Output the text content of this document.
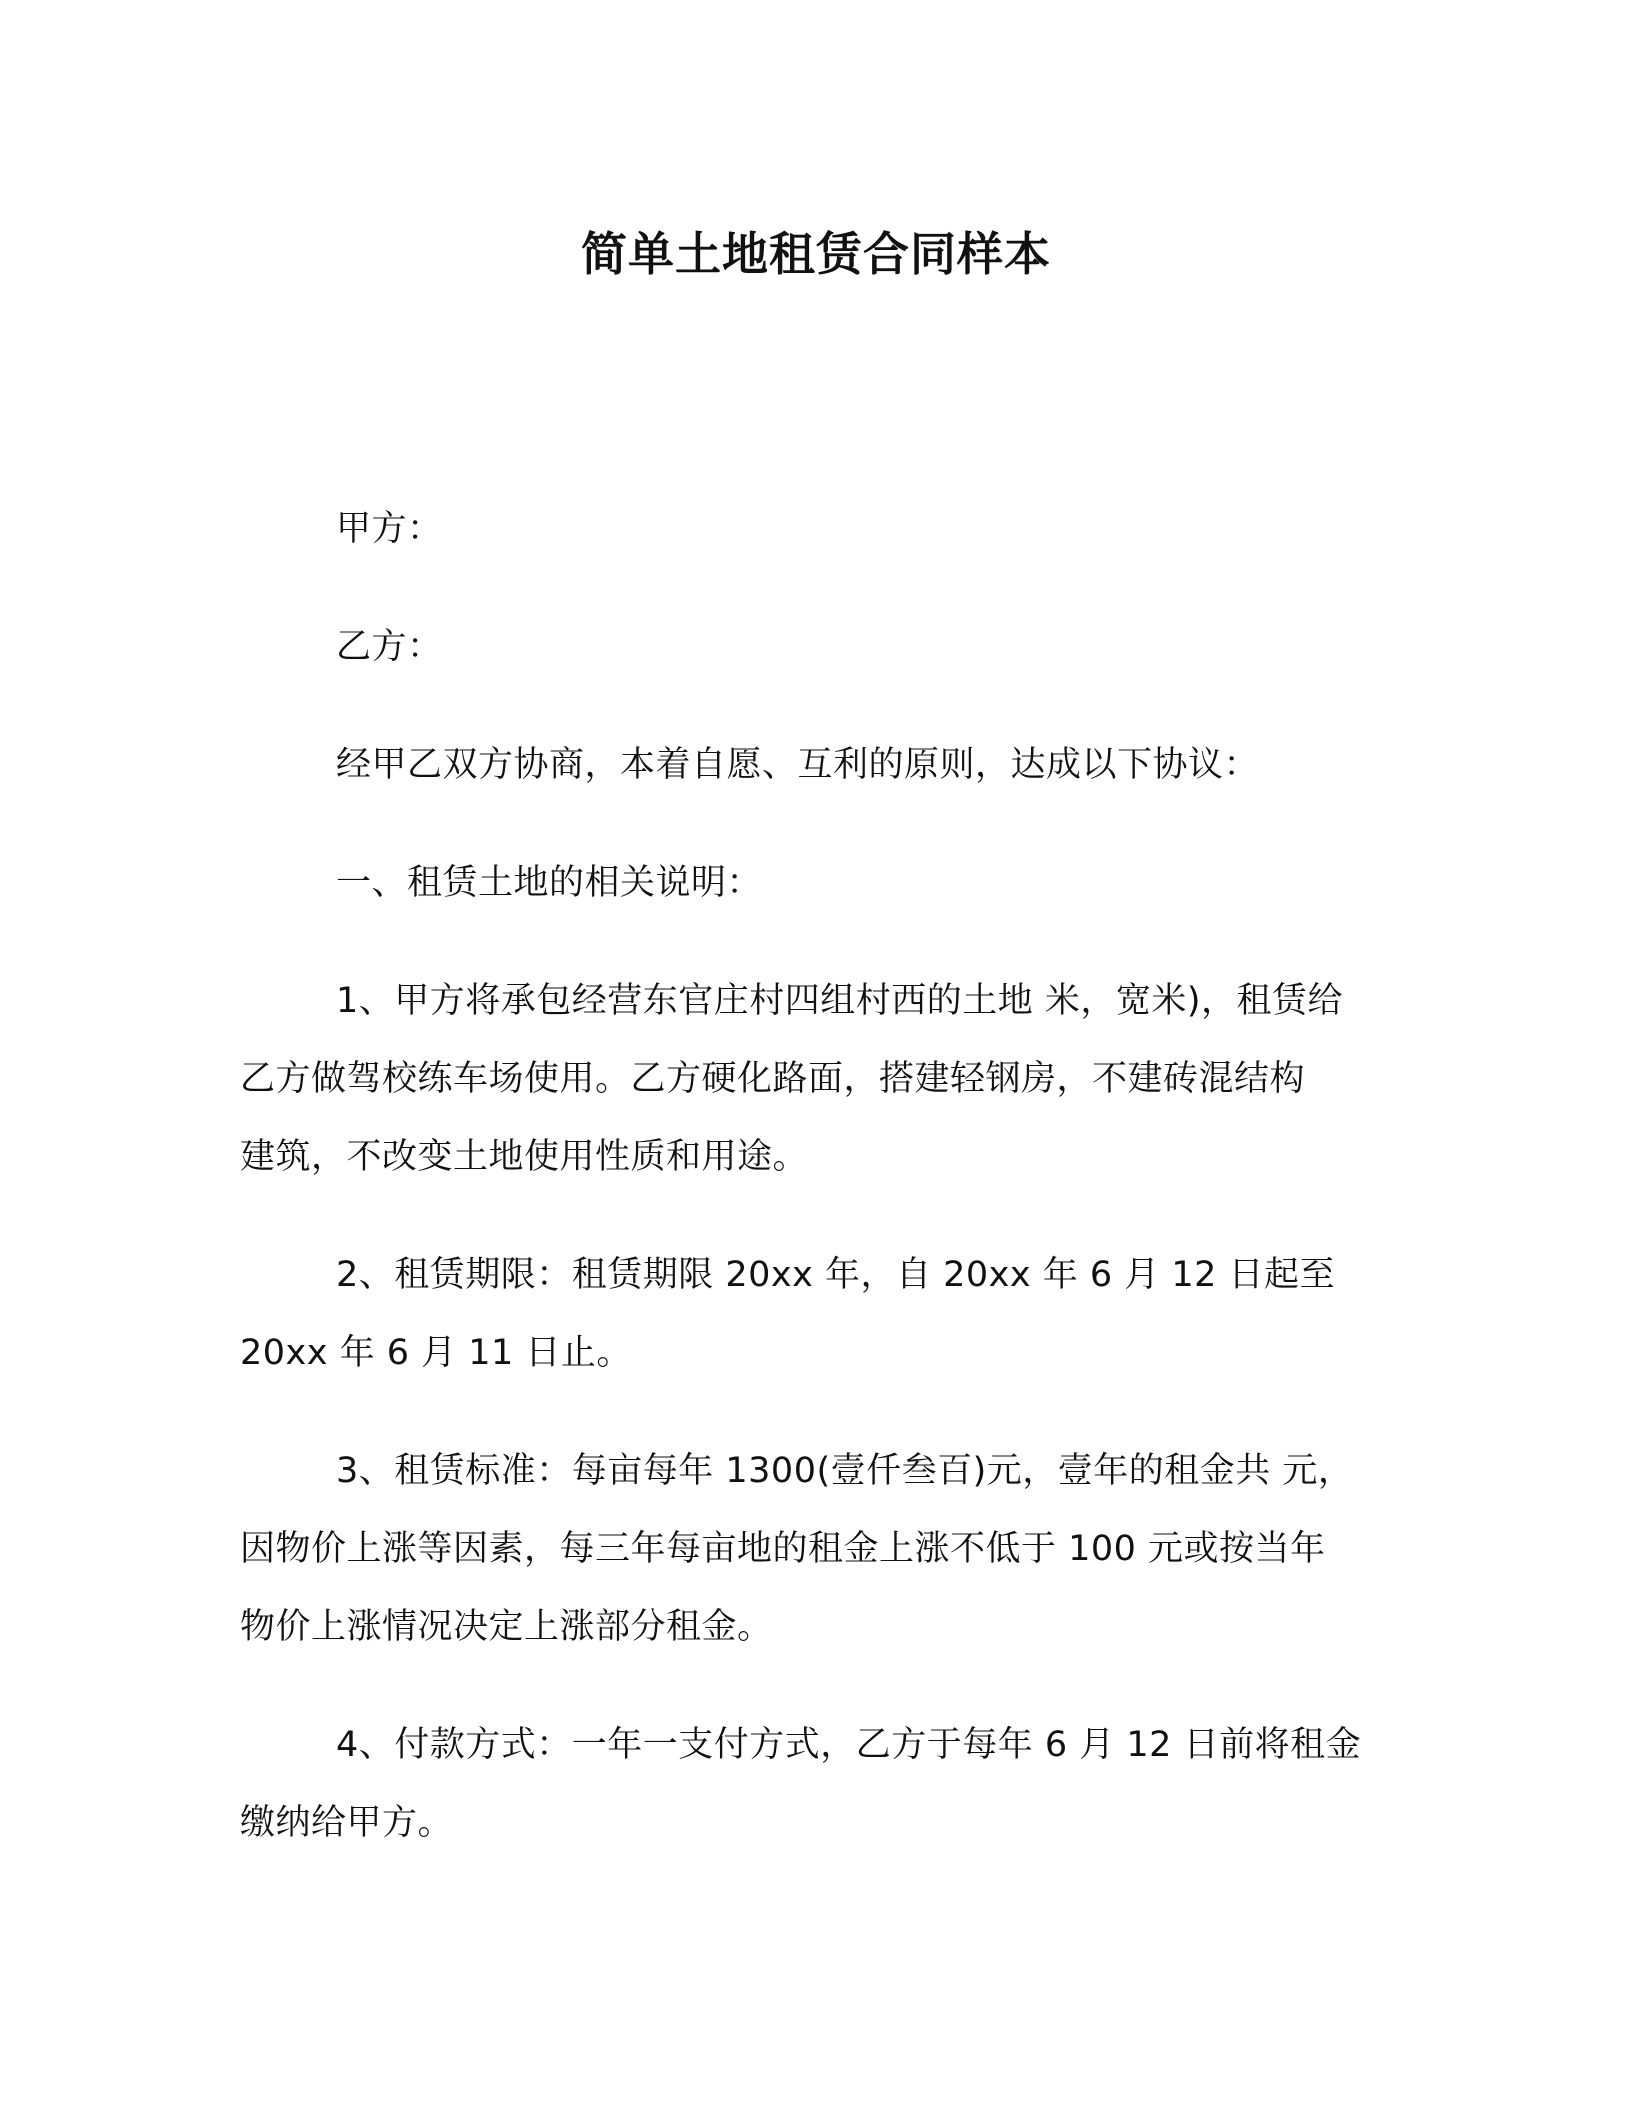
简单土地租赁合同样本

甲方：

乙方：

经甲乙双方协商，本着自愿、互利的原则，达成以下协议：

一、租赁土地的相关说明：

1、甲方将承包经营东官庄村四组村西的土地 米，宽米)，租赁给

乙方做驾校练车场使用。乙方硬化路面，搭建轻钢房，不建砖混结构

建筑，不改变土地使用性质和用途。

2、租赁期限：租赁期限 20xx 年，自 20xx 年 6 月 12 日起至

20xx 年 6 月 11 日止。

3、租赁标准：每亩每年 1300(壹仟叁百)元，壹年的租金共 元，

因物价上涨等因素，每三年每亩地的租金上涨不低于 100 元或按当年

物价上涨情况决定上涨部分租金。

4、付款方式：一年一支付方式，乙方于每年 6 月 12 日前将租金

缴纳给甲方。
